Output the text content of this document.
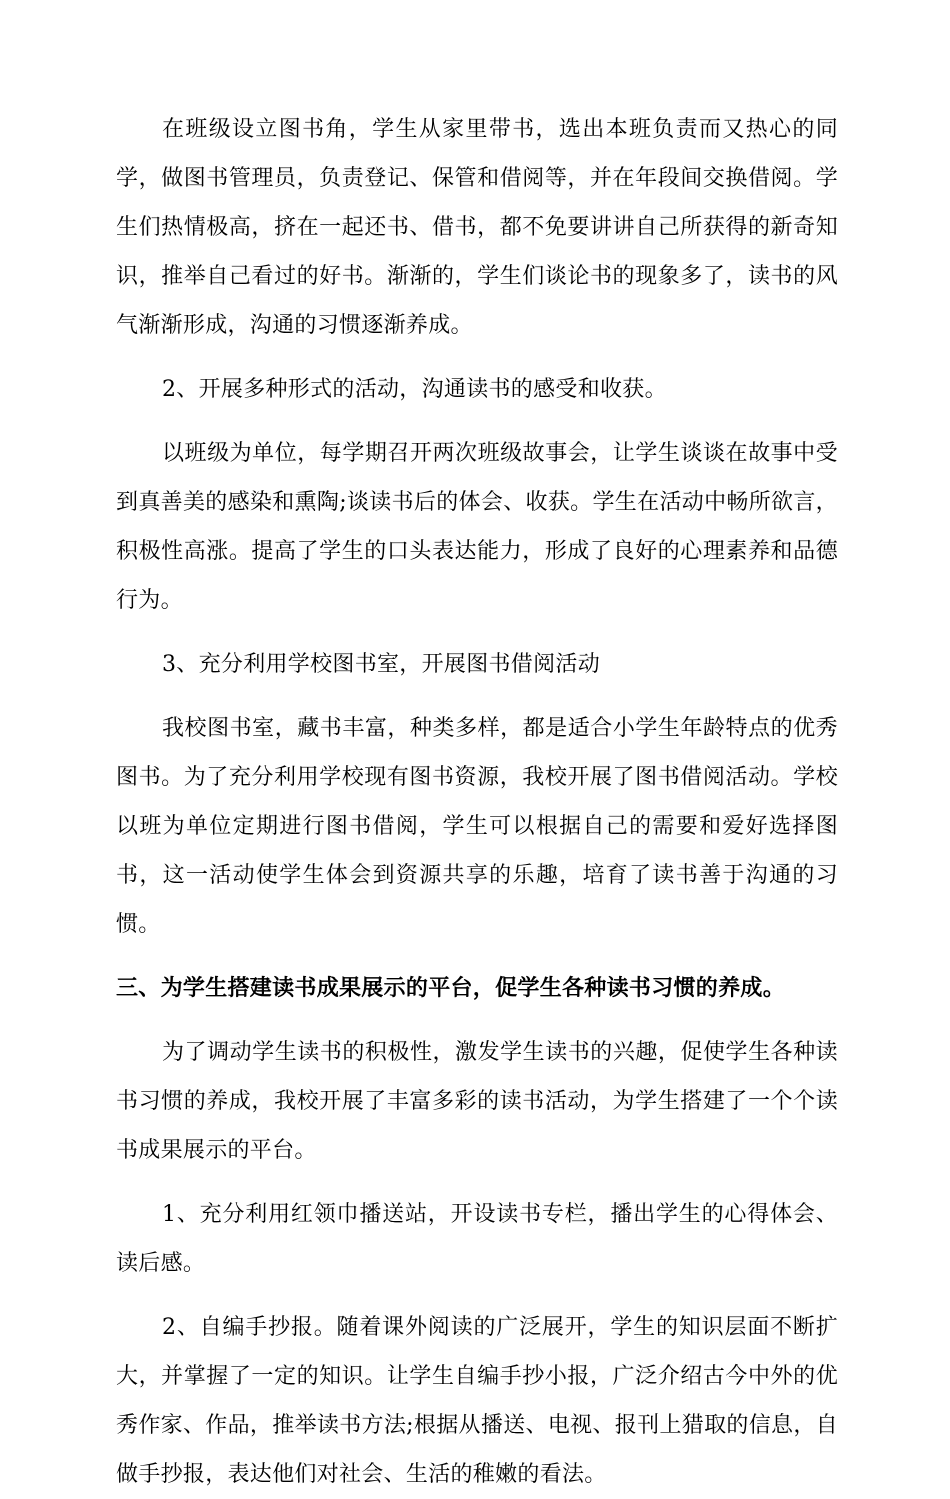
在班级设立图书角，学生从家里带书，选出本班负责而又热心的同学，做图书管理员，负责登记、保管和借阅等，并在年段间交换借阅。学生们热情极高，挤在一起还书、借书，都不免要讲讲自己所获得的新奇知识，推举自己看过的好书。渐渐的，学生们谈论书的现象多了，读书的风气渐渐形成，沟通的习惯逐渐养成。

2、开展多种形式的活动，沟通读书的感受和收获。

以班级为单位，每学期召开两次班级故事会，让学生谈谈在故事中受到真善美的感染和熏陶;谈读书后的体会、收获。学生在活动中畅所欲言，积极性高涨。提高了学生的口头表达能力，形成了良好的心理素养和品德行为。

3、充分利用学校图书室，开展图书借阅活动

我校图书室，藏书丰富，种类多样，都是适合小学生年龄特点的优秀图书。为了充分利用学校现有图书资源，我校开展了图书借阅活动。学校以班为单位定期进行图书借阅，学生可以根据自己的需要和爱好选择图书，这一活动使学生体会到资源共享的乐趣，培育了读书善于沟通的习惯。

三、为学生搭建读书成果展示的平台，促学生各种读书习惯的养成。

为了调动学生读书的积极性，激发学生读书的兴趣，促使学生各种读书习惯的养成，我校开展了丰富多彩的读书活动，为学生搭建了一个个读书成果展示的平台。

1、充分利用红领巾播送站，开设读书专栏，播出学生的心得体会、读后感。

2、自编手抄报。随着课外阅读的广泛展开，学生的知识层面不断扩大，并掌握了一定的知识。让学生自编手抄小报，广泛介绍古今中外的优秀作家、作品，推举读书方法;根据从播送、电视、报刊上猎取的信息，自做手抄报，表达他们对社会、生活的稚嫩的看法。
